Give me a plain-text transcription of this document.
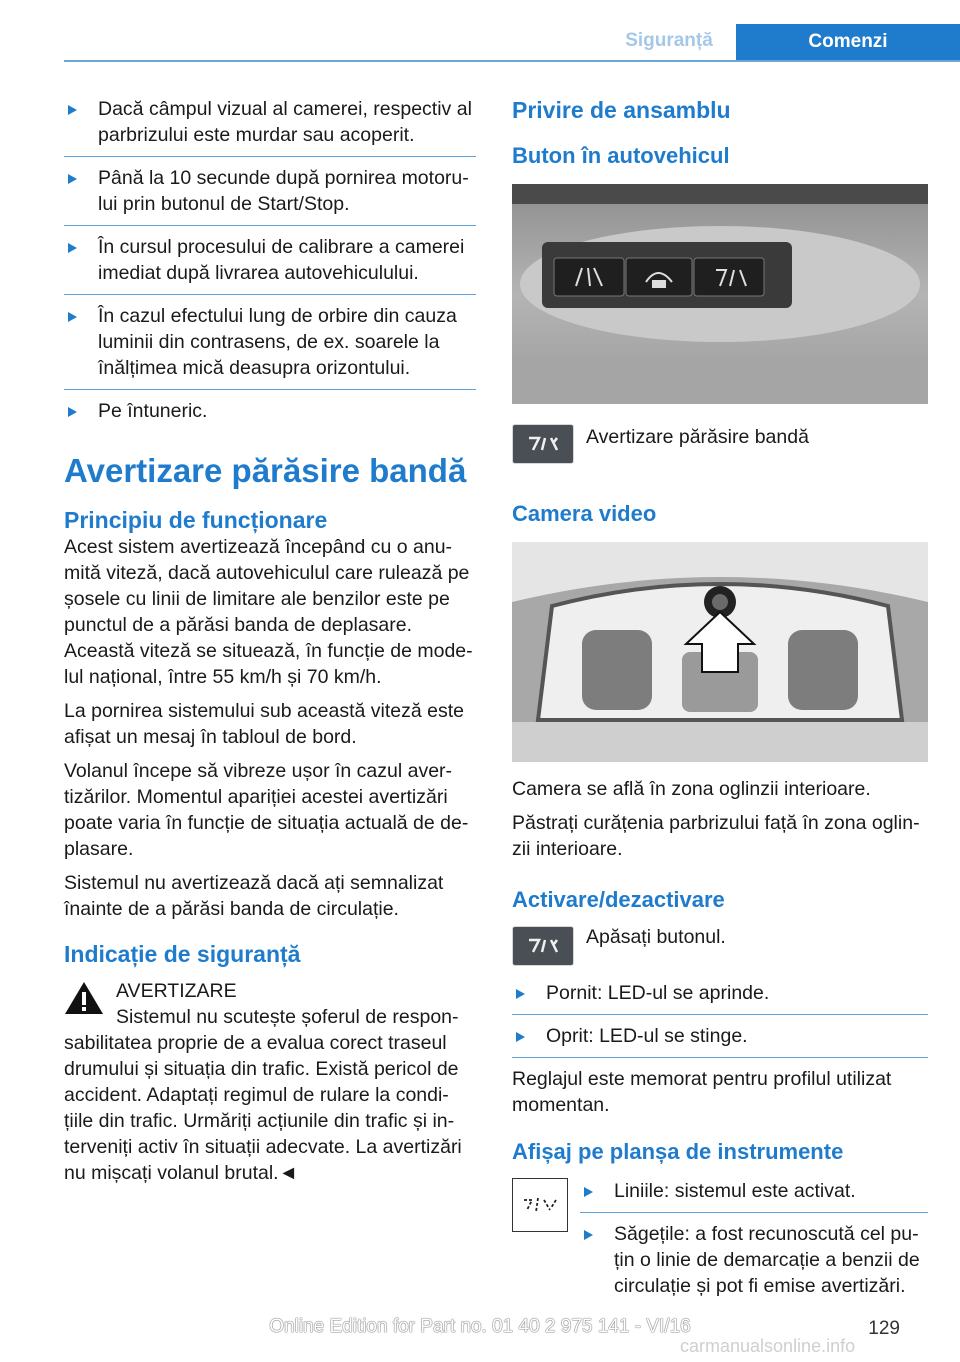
Siguranță	Comenzi
Dacă câmpul vizual al camerei, respectiv al parbrizului este murdar sau acoperit.
Până la 10 secunde după pornirea motoru‐lui prin butonul de Start/Stop.
În cursul procesului de calibrare a camerei imediat după livrarea autovehiculului.
În cazul efectului lung de orbire din cauza luminii din contrasens, de ex. soarele la înălțimea mică deasupra orizontului.
Pe întuneric.
Avertizare părăsire bandă
Principiu de funcționare
Acest sistem avertizează începând cu o anu‐mită viteză, dacă autovehiculul care rulează pe șosele cu linii de limitare ale benzilor este pe punctul de a părăsi banda de deplasare. Această viteză se situează, în funcție de mode‐lul național, între 55 km/h și 70 km/h.
La pornirea sistemului sub această viteză este afișat un mesaj în tabloul de bord.
Volanul începe să vibreze ușor în cazul aver‐tizărilor. Momentul apariției acestei avertizări poate varia în funcție de situația actuală de de‐plasare.
Sistemul nu avertizează dacă ați semnalizat înainte de a părăsi banda de circulație.
Indicație de siguranță
AVERTIZARE
Sistemul nu scutește șoferul de respon‐sabilitatea proprie de a evalua corect traseul drumului și situația din trafic. Există pericol de accident. Adaptați regimul de rulare la condi‐țiile din trafic. Urmăriți acțiunile din trafic și in‐terveniți activ în situații adecvate. La avertizări nu mișcați volanul brutal.◄
Privire de ansamblu
Buton în autovehicul
Avertizare părăsire bandă
Camera video
Camera se află în zona oglinzii interioare.
Păstrați curățenia parbrizului față în zona oglin‐zii interioare.
Activare/dezactivare
Apăsați butonul.
Pornit: LED-ul se aprinde.
Oprit: LED-ul se stinge.
Reglajul este memorat pentru profilul utilizat momentan.
Afișaj pe planșa de instrumente
Liniile: sistemul este activat.
Săgețile: a fost recunoscută cel pu‐țin o linie de demarcație a benzii de circulație și pot fi emise avertizări.
129
Online Edition for Part no. 01 40 2 975 141 - VI/16
carmanualsonline.info
